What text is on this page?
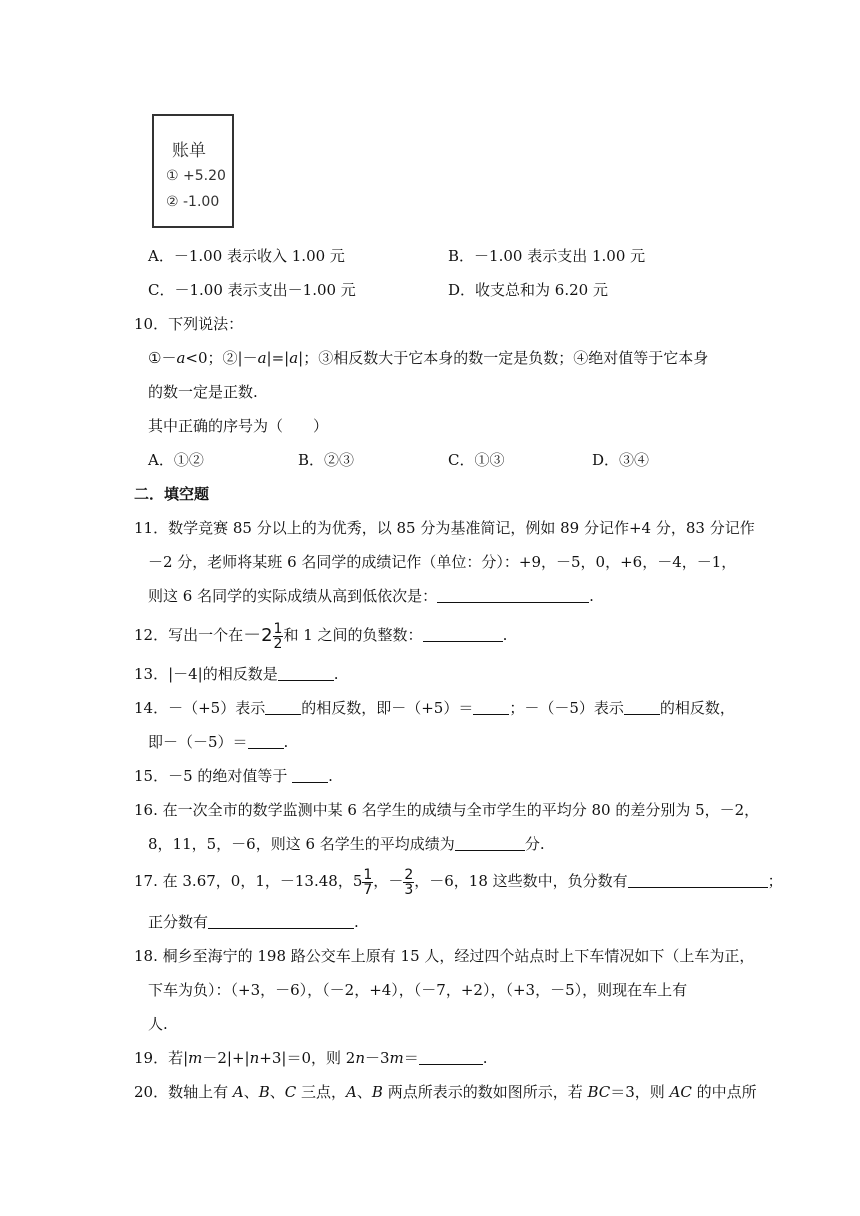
账单
① +5.20
② -1.00
A．－1.00 表示收入 1.00 元	B．－1.00 表示支出 1.00 元
C．－1.00 表示支出－1.00 元	D．收支总和为 6.20 元
10．下列说法：
①－a<0；②|－a|=|a|；③相反数大于它本身的数一定是负数；④绝对值等于它本身
的数一定是正数.
其中正确的序号为（　　）
A．①②	B．②③	C．①③	D．③④
二．填空题
11．数学竞赛 85 分以上的为优秀，以 85 分为基准简记，例如 89 分记作+4 分，83 分记作
－2 分，老师将某班 6 名同学的成绩记作（单位：分）：+9，－5，0，+6，－4，－1，
则这 6 名同学的实际成绩从高到低依次是：	.
12．写出一个在$-2 \frac{1}{2}$ 和 1 之间的负整数：	.
13．|－4|的相反数是	.
14．－（+5）表示 的相反数，即－（+5）＝ ；－（－5）表示 的相反数，
即－（－5）＝ .
15．－5 的绝对值等于 .
16. 在一次全市的数学监测中某 6 名学生的成绩与全市学生的平均分 80 的差分别为 5，－2，
8，11，5，－6，则这 6 名学生的平均成绩为	分.
17. 在 3.67，0，1，－13.48，$5 \frac{1}{7}$ ，－ $\frac{2}{3}$ ，－6，18 这些数中，负分数有	；
正分数有	.
18. 桐乡至海宁的 198 路公交车上原有 15 人，经过四个站点时上下车情况如下（上车为正，
下车为负）：（+3，－6），（－2，+4），（－7，+2），（+3，－5），则现在车上有
人.
19．若|m－2|+|n+3|＝0，则 2n－3m＝	.
20．数轴上有 A、B、C 三点，A、B 两点所表示的数如图所示，若 BC＝3，则 AC 的中点所
